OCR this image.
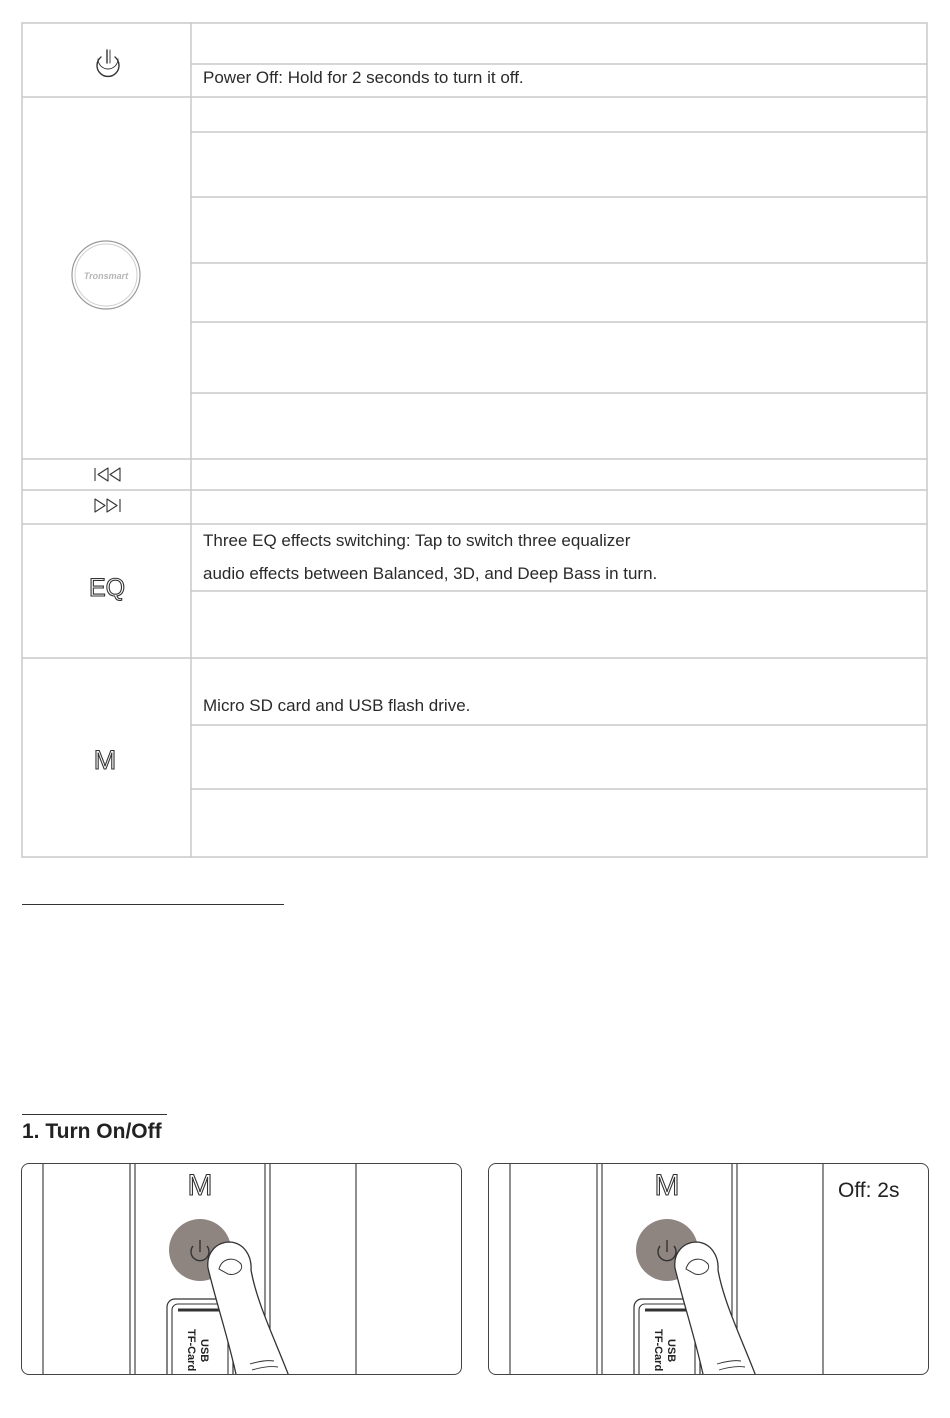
Tronsmart
EQ
M
Power Off: Hold for 2 seconds to turn it off.
Three EQ effects switching: Tap to switch three equalizer
audio effects between Balanced, 3D, and Deep Bass in turn.
Micro SD card and USB flash drive.
1. Turn On/Off
M
USB
TF-Card
M
USB
TF-Card
Off: 2s
